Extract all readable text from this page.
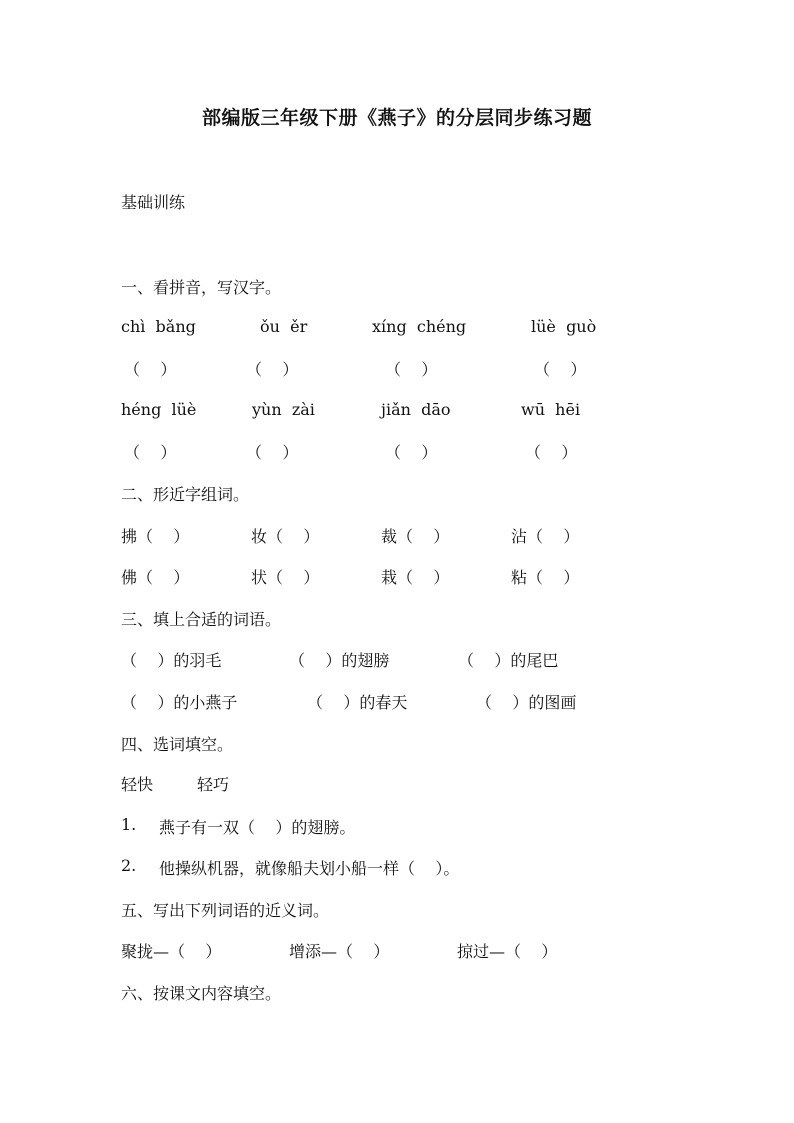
部编版三年级下册《燕子》的分层同步练习题
基础训练
一、看拼音，写汉字。
chì  bǎng	ǒu  ěr	xíng  chéng	lüè  guò
（    ）	（    ）	（    ）	（    ）
héng  lüè	yùn  zài	jiǎn  dāo	wū  hēi
（    ）	（    ）	（    ）	（    ）
二、形近字组词。
拂（    ）	妆（    ）	裁（    ）	沾（    ）
佛（    ）	状（    ）	栽（    ）	粘（    ）
三、填上合适的词语。
（    ）的羽毛	（    ）的翅膀	（    ）的尾巴
（    ）的小燕子	（    ）的春天	（    ）的图画
四、选词填空。
轻快	轻巧
1. 燕子有一双（    ）的翅膀。
2. 他操纵机器，就像船夫划小船一样（    ）。
五、写出下列词语的近义词。
聚拢—（    ）	增添—（    ）	掠过—（    ）
六、按课文内容填空。
